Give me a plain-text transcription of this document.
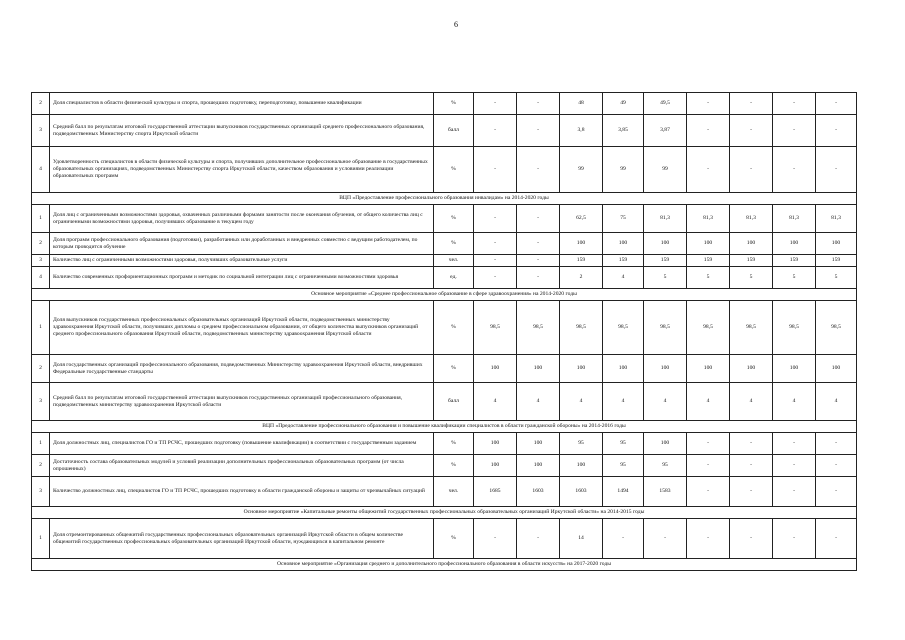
6
2	Доля специалистов в области физической культуры и спорта, прошедших подготовку, переподготовку, повышение квалификации	%	-	-	48	49	49,5	-	-	-	-
3	Средний балл по результатам итоговой государственной аттестации выпускников государственных организаций среднего профессионального образования, подведомственных Министерству спорта Иркутской области	балл	-	-	3,8	3,85	3,87	-	-	-	-
4	Удовлетворенность специалистов в области физической культуры и спорта, получивших дополнительное профессиональное образование в государственных образовательных организациях, подведомственных Министерству спорта Иркутской области, качеством образования и условиями реализации образовательных программ	%	-	-	99	99	99	-	-	-	-
ВЦП «Предоставление профессионального образования инвалидам» на 2014-2020 годы											
1	Доля лиц с ограниченными возможностями здоровья, охваченных различными формами занятости после окончания обучения, от общего количества лиц с ограниченными возможностями здоровья, получивших образование в текущем году	%	-	-	62,5	75	81,3	81,3	81,3	81,3	81,3
2	Доля программ профессионального образования (подготовки), разработанных или доработанных и внедренных совместно с ведущим работодателем, по которым проводится обучение	%	-	-	100	100	100	100	100	100	100
3	Количество лиц с ограниченными возможностями здоровья, получивших образовательные услуги	чел.	-	-	159	159	159	159	159	159	159
4	Количество современных профориентационных программ и методик по социальной интеграции лиц с ограниченными возможностями здоровья	ед.	-	-	2	4	5	5	5	5	5
Основное мероприятие «Среднее профессиональное образование в сфере здравоохранения» на 2014-2020 годы											
1	Доля выпускников государственных профессиональных образовательных организаций Иркутской области, подведомственных министерству здравоохранения Иркутской области, получивших дипломы о среднем профессиональном образовании, от общего количества выпускников организаций среднего профессионального образования Иркутской области, подведомственных министерству здравоохранения Иркутской области	%	98,5	98,5	98,5	98,5	98,5	98,5	98,5	98,5	98,5
2	Доля государственных организаций профессионального образования, подведомственных Министерству здравоохранения Иркутской области, внедривших Федеральные государственные стандарты	%	100	100	100	100	100	100	100	100	100
3	Средний балл по результатам итоговой государственной аттестации выпускников государственных организаций профессионального образования, подведомственных министерству здравоохранения Иркутской области	балл	4	4	4	4	4	4	4	4	4
ВЦП «Предоставление профессионального образования и повышение квалификации специалистов в области гражданской обороны» на 2014-2016 годы											
1	Доля должностных лиц, специалистов ГО и ТП РСЧС, прошедших подготовку (повышение квалификации) в соответствии с государственным заданием	%	100	100	95	95	100	-	-	-	-
2	Достаточность состава образовательных модулей и условий реализации дополнительных профессиональных образовательных программ (от числа опрошенных)	%	100	100	100	95	95	-	-	-	-
3	Количество должностных лиц, специалистов ГО и ТП РСЧС, прошедших подготовку в области гражданской обороны и защиты от чрезвычайных ситуаций	чел.	1685	1603	1603	1494	1583	-	-	-	-
Основное мероприятие «Капитальные ремонты общежитий государственных профессиональных образовательных организаций Иркутской области» на 2014-2015 годы											
1	Доля отремонтированных общежитий государственных профессиональных образовательных организаций Иркутской области в общем количестве общежитий государственных профессиональных образовательных организаций Иркутской области, нуждающихся в капитальном ремонте	%	-	-	14	-	-	-	-	-	-
Основное мероприятие «Организация среднего и дополнительного профессионального образования в области искусств» на 2017-2020 годы											
